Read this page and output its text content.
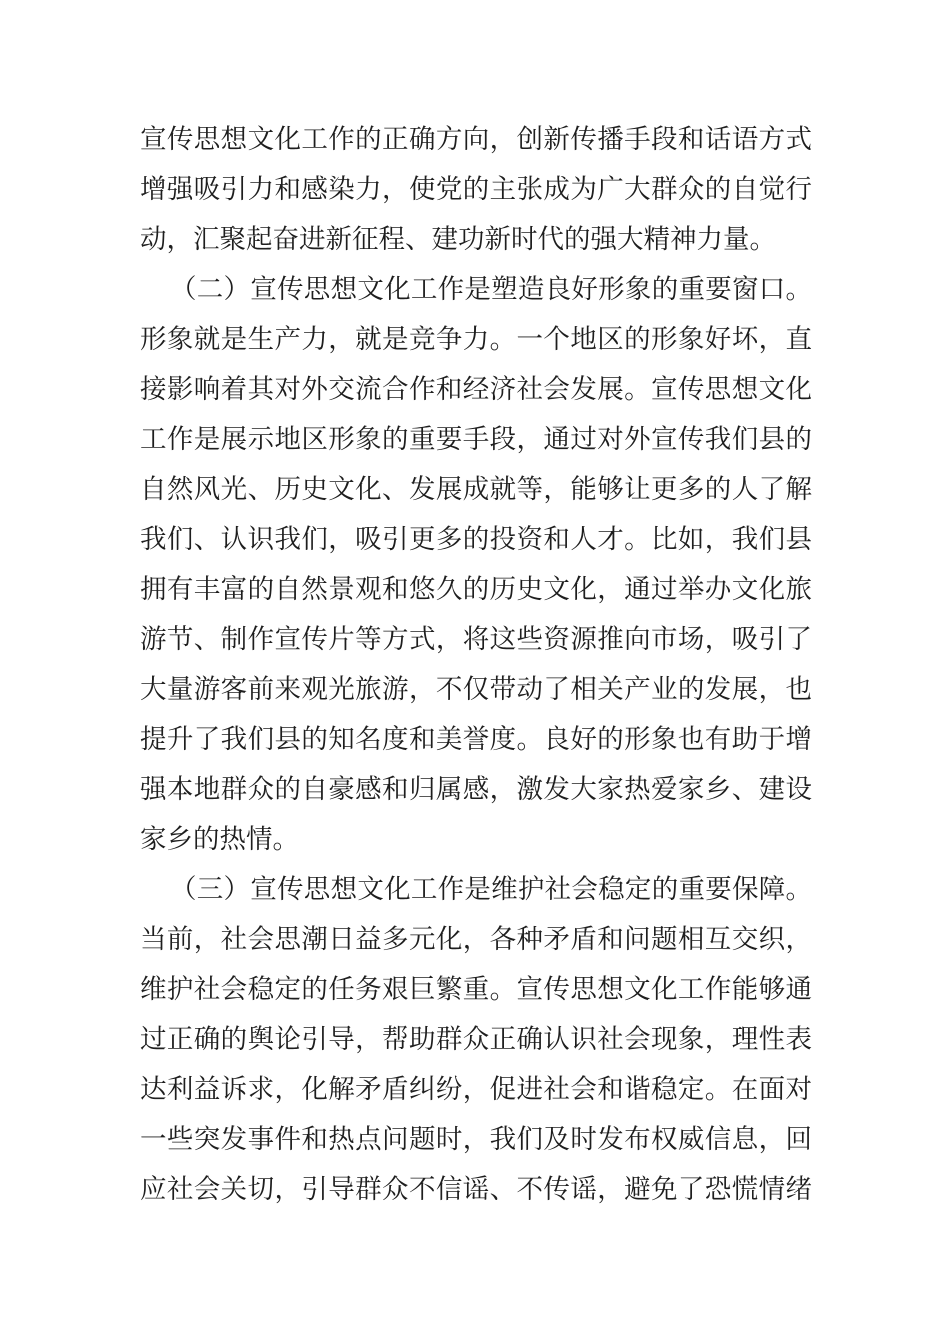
宣传思想文化工作的正确方向，创新传播手段和话语方式
增强吸引力和感染力，使党的主张成为广大群众的自觉行
动，汇聚起奋进新征程、建功新时代的强大精神力量。
（二）宣传思想文化工作是塑造良好形象的重要窗口。
形象就是生产力，就是竞争力。一个地区的形象好坏，直
接影响着其对外交流合作和经济社会发展。宣传思想文化
工作是展示地区形象的重要手段，通过对外宣传我们县的
自然风光、历史文化、发展成就等，能够让更多的人了解
我们、认识我们，吸引更多的投资和人才。比如，我们县
拥有丰富的自然景观和悠久的历史文化，通过举办文化旅
游节、制作宣传片等方式，将这些资源推向市场，吸引了
大量游客前来观光旅游，不仅带动了相关产业的发展，也
提升了我们县的知名度和美誉度。良好的形象也有助于增
强本地群众的自豪感和归属感，激发大家热爱家乡、建设
家乡的热情。
（三）宣传思想文化工作是维护社会稳定的重要保障。
当前，社会思潮日益多元化，各种矛盾和问题相互交织，
维护社会稳定的任务艰巨繁重。宣传思想文化工作能够通
过正确的舆论引导，帮助群众正确认识社会现象，理性表
达利益诉求，化解矛盾纠纷，促进社会和谐稳定。在面对
一些突发事件和热点问题时，我们及时发布权威信息，回
应社会关切，引导群众不信谣、不传谣，避免了恐慌情绪
